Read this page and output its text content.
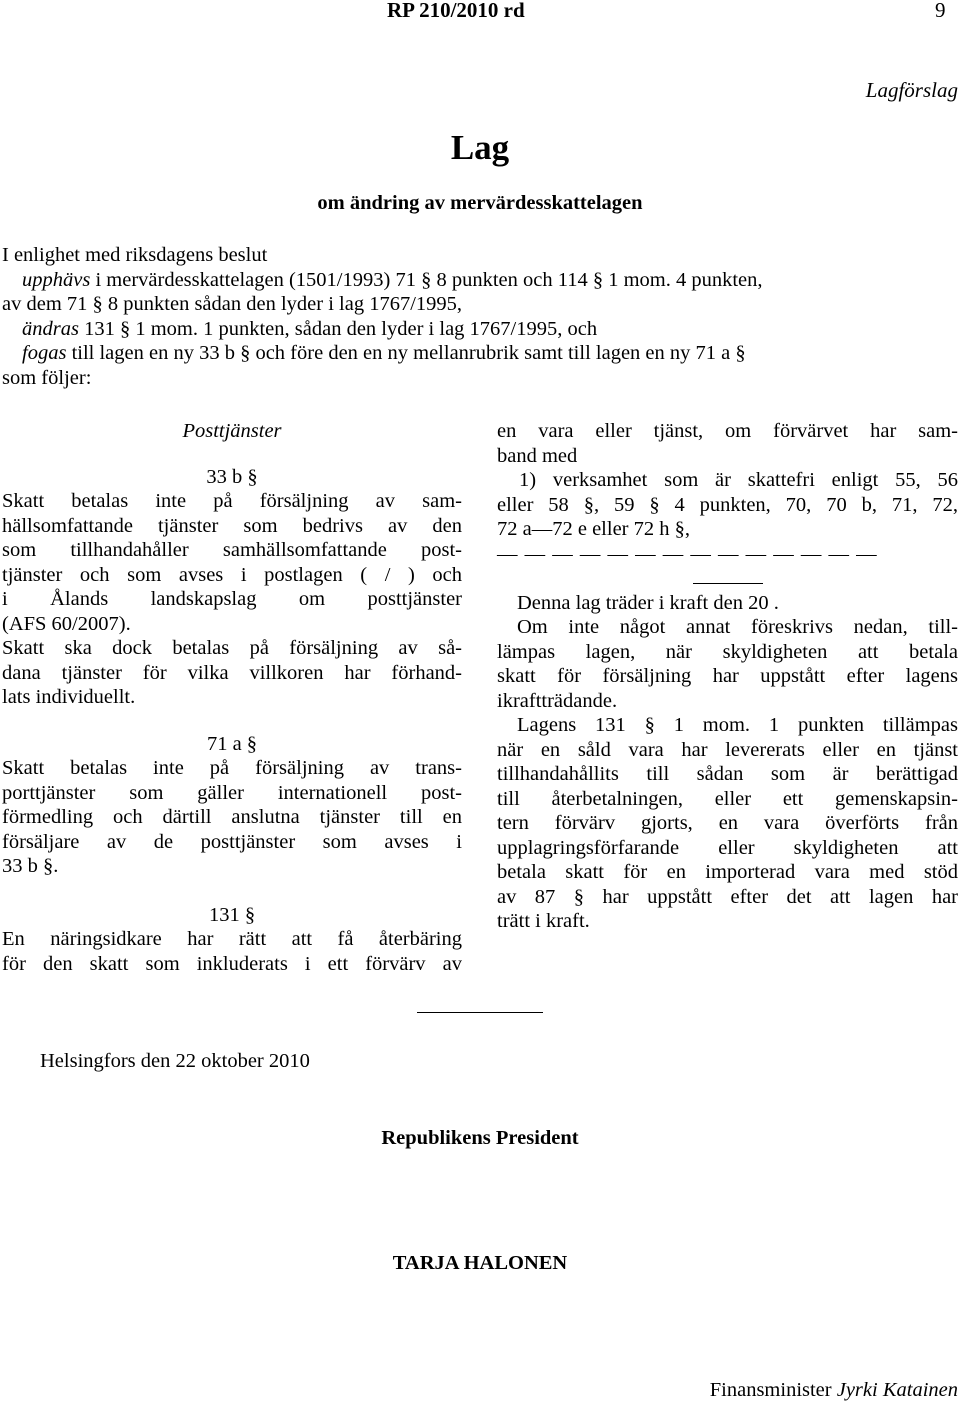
RP 210/2010 rd	9
Lagförslag
Lag
om ändring av mervärdesskattelagen
I enlighet med riksdagens beslut
upphävs i mervärdesskattelagen (1501/1993) 71 § 8 punkten och 114 § 1 mom. 4 punkten,
av dem 71 § 8 punkten sådan den lyder i lag 1767/1995,
ändras 131 § 1 mom. 1 punkten, sådan den lyder i lag 1767/1995, och
fogas till lagen en ny 33 b § och före den en ny mellanrubrik samt till lagen en ny 71 a §
som följer:
Posttjänster
33 b §
Skatt betalas inte på försäljning av sam-
hällsomfattande tjänster som bedrivs av den
som tillhandahåller samhällsomfattande post-
tjänster och som avses i postlagen ( / ) och
i Ålands landskapslag om posttjänster
(AFS 60/2007).
Skatt ska dock betalas på försäljning av så-
dana tjänster för vilka villkoren har förhand-
lats individuellt.
71 a §
Skatt betalas inte på försäljning av trans-
porttjänster som gäller internationell post-
förmedling och därtill anslutna tjänster till en
försäljare av de posttjänster som avses i
33 b §.
131 §
En näringsidkare har rätt att få återbäring
för den skatt som inkluderats i ett förvärv av
en vara eller tjänst, om förvärvet har sam-
band med
1) verksamhet som är skattefri enligt 55, 56
eller 58 §, 59 § 4 punkten, 70, 70 b, 71, 72,
72 a—72 e eller 72 h §,
— — — — — — — — — — — — — —
Denna lag träder i kraft den 20 .
Om inte något annat föreskrivs nedan, till-
lämpas lagen, när skyldigheten att betala
skatt för försäljning har uppstått efter lagens
ikraftträdande.
Lagens 131 § 1 mom. 1 punkten tillämpas
när en såld vara har levererats eller en tjänst
tillhandahållits till sådan som är berättigad
till återbetalningen, eller ett gemenskapsin-
tern förvärv gjorts, en vara överförts från
upplagringsförfarande eller skyldigheten att
betala skatt för en importerad vara med stöd
av 87 § har uppstått efter det att lagen har
trätt i kraft.
Helsingfors den 22 oktober 2010
Republikens President
TARJA HALONEN
Finansminister Jyrki Katainen
